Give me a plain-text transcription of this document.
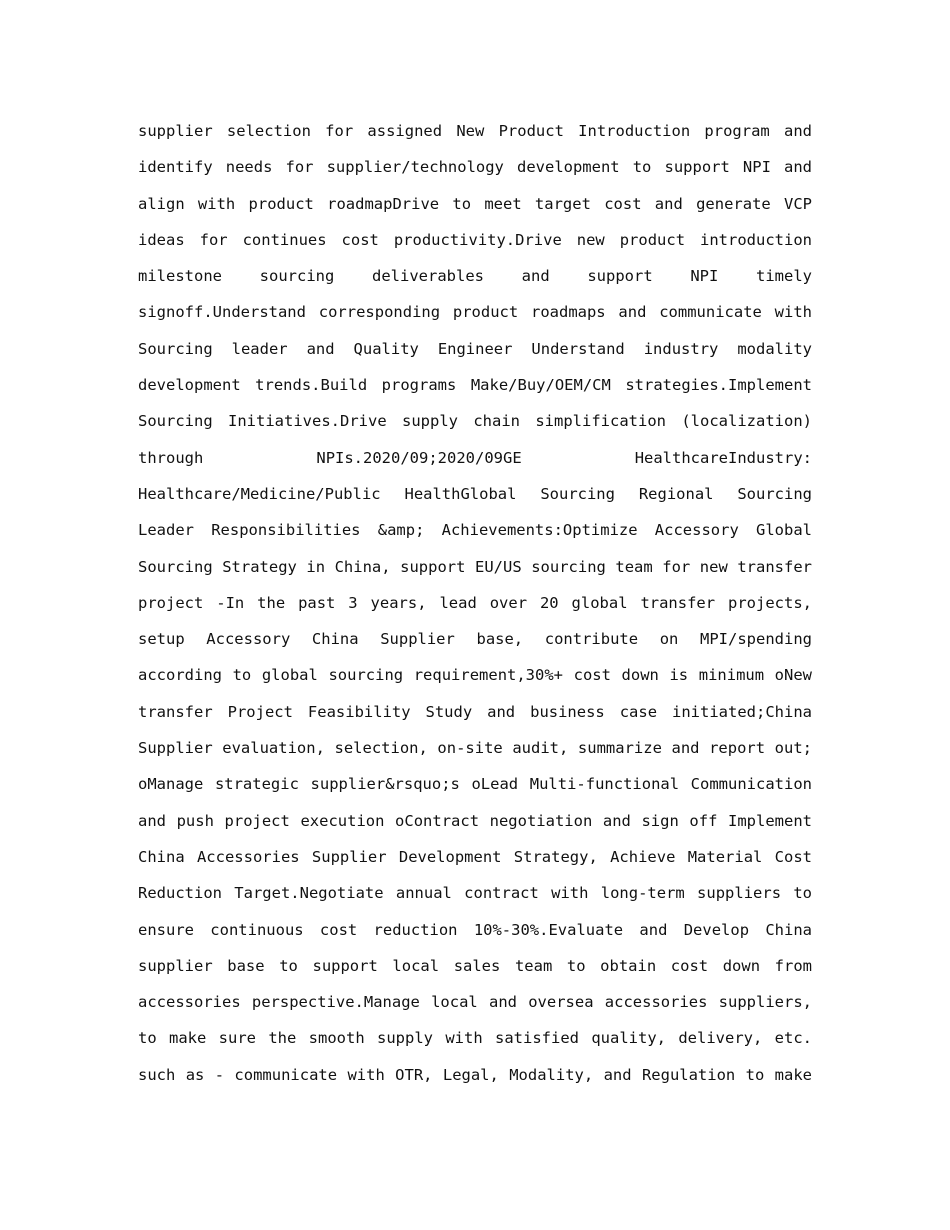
supplier selection for assigned New Product Introduction program and
identify needs for supplier/technology development to support NPI and
align with product roadmapDrive to meet target cost and generate VCP
ideas for continues cost productivity.Drive new product introduction
milestone sourcing deliverables and support NPI timely
signoff.Understand corresponding product roadmaps and communicate with
Sourcing leader and Quality Engineer Understand industry modality
development trends.Build programs Make/Buy/OEM/CM strategies.Implement
Sourcing Initiatives.Drive supply chain simplification (localization)
through NPIs.2020/09;2020/09GE HealthcareIndustry:
Healthcare/Medicine/Public HealthGlobal Sourcing Regional Sourcing
Leader Responsibilities &amp; Achievements:Optimize Accessory Global
Sourcing Strategy in China, support EU/US sourcing team for new transfer
project -In the past 3 years, lead over 20 global transfer projects,
setup Accessory China Supplier base, contribute on MPI/spending
according to global sourcing requirement,30%+ cost down is minimum oNew
transfer Project Feasibility Study and business case initiated;China
Supplier evaluation, selection, on-site audit, summarize and report out;
oManage strategic supplier&rsquo;s oLead Multi-functional Communication
and push project execution oContract negotiation and sign off Implement
China Accessories Supplier Development Strategy, Achieve Material Cost
Reduction Target.Negotiate annual contract with long-term suppliers to
ensure continuous cost reduction 10%-30%.Evaluate and Develop China
supplier base to support local sales team to obtain cost down from
accessories perspective.Manage local and oversea accessories suppliers,
to make sure the smooth supply with satisfied quality, delivery, etc.
such as - communicate with OTR, Legal, Modality, and Regulation to make
